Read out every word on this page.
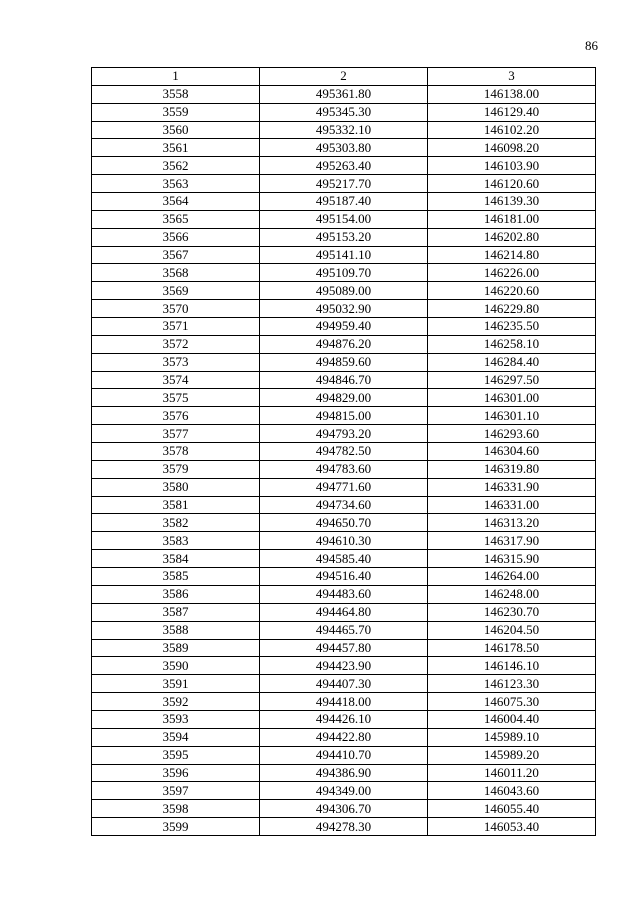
86
1	2	3
3558	495361.80	146138.00
3559	495345.30	146129.40
3560	495332.10	146102.20
3561	495303.80	146098.20
3562	495263.40	146103.90
3563	495217.70	146120.60
3564	495187.40	146139.30
3565	495154.00	146181.00
3566	495153.20	146202.80
3567	495141.10	146214.80
3568	495109.70	146226.00
3569	495089.00	146220.60
3570	495032.90	146229.80
3571	494959.40	146235.50
3572	494876.20	146258.10
3573	494859.60	146284.40
3574	494846.70	146297.50
3575	494829.00	146301.00
3576	494815.00	146301.10
3577	494793.20	146293.60
3578	494782.50	146304.60
3579	494783.60	146319.80
3580	494771.60	146331.90
3581	494734.60	146331.00
3582	494650.70	146313.20
3583	494610.30	146317.90
3584	494585.40	146315.90
3585	494516.40	146264.00
3586	494483.60	146248.00
3587	494464.80	146230.70
3588	494465.70	146204.50
3589	494457.80	146178.50
3590	494423.90	146146.10
3591	494407.30	146123.30
3592	494418.00	146075.30
3593	494426.10	146004.40
3594	494422.80	145989.10
3595	494410.70	145989.20
3596	494386.90	146011.20
3597	494349.00	146043.60
3598	494306.70	146055.40
3599	494278.30	146053.40
